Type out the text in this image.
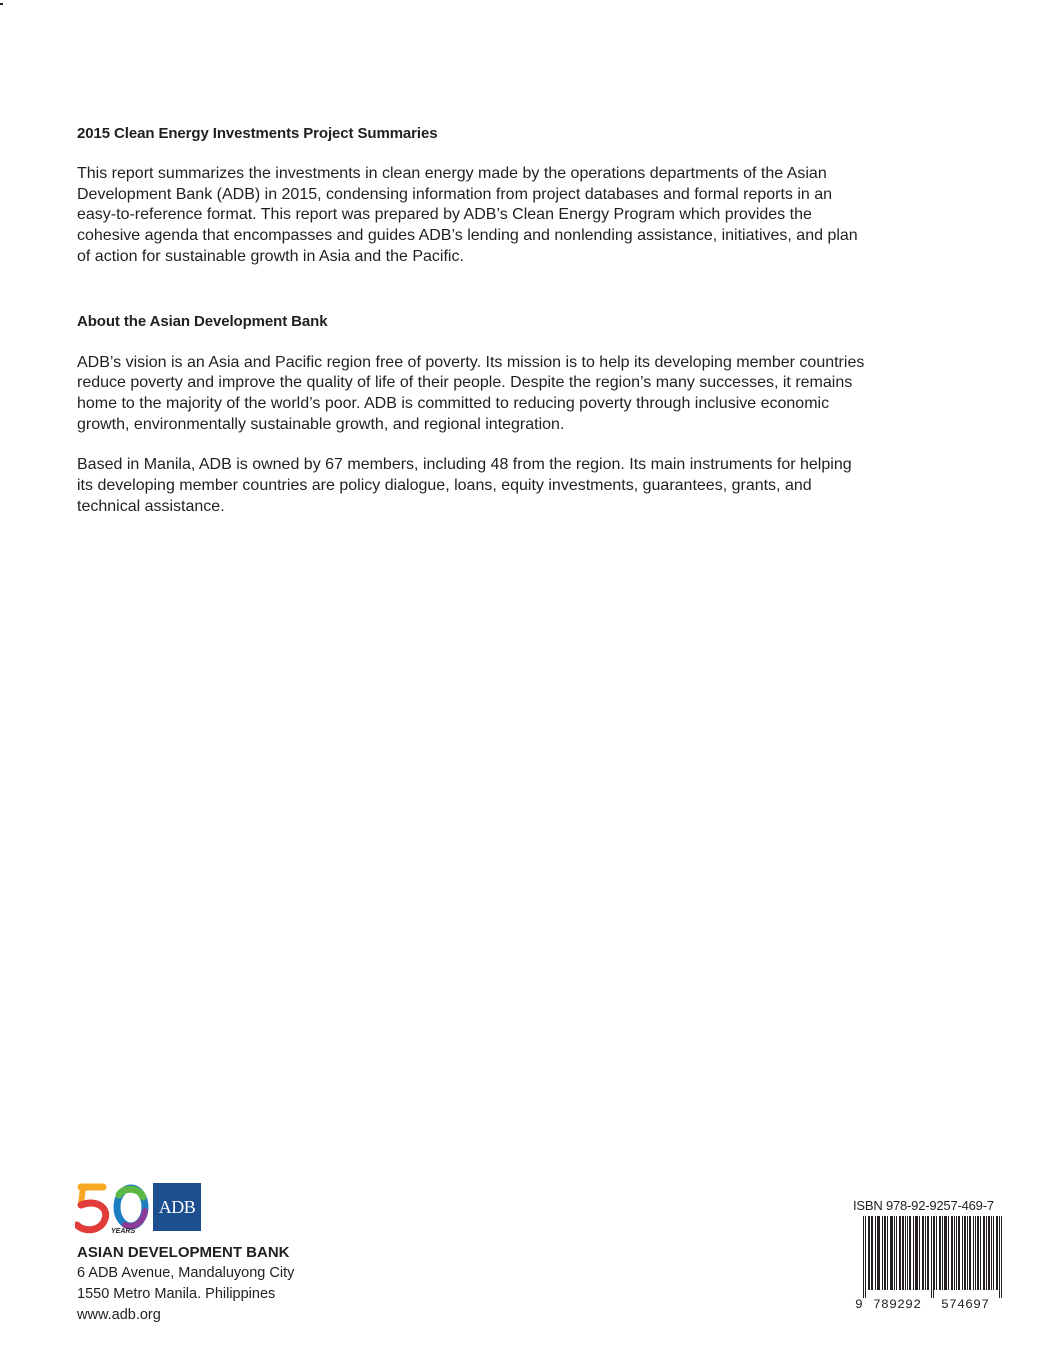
2015 Clean Energy Investments Project Summaries

This report summarizes the investments in clean energy made by the operations departments of the Asian Development Bank (ADB) in 2015, condensing information from project databases and formal reports in an easy-to-reference format. This report was prepared by ADB’s Clean Energy Program which provides the cohesive agenda that encompasses and guides ADB’s lending and nonlending assistance, initiatives, and plan of action for sustainable growth in Asia and the Pacific.

About the Asian Development Bank

ADB’s vision is an Asia and Pacific region free of poverty. Its mission is to help its developing member countries reduce poverty and improve the quality of life of their people. Despite the region’s many successes, it remains home to the majority of the world’s poor. ADB is committed to reducing poverty through inclusive economic growth, environmentally sustainable growth, and regional integration.

Based in Manila, ADB is owned by 67 members, including 48 from the region. Its main instruments for helping its developing member countries are policy dialogue, loans, equity investments, guarantees, grants, and technical assistance.

YEARS
ADB
ASIAN DEVELOPMENT BANK
6 ADB Avenue, Mandaluyong City
1550 Metro Manila. Philippines
www.adb.org
ISBN 978-92-9257-469-7
9 789292 574697
